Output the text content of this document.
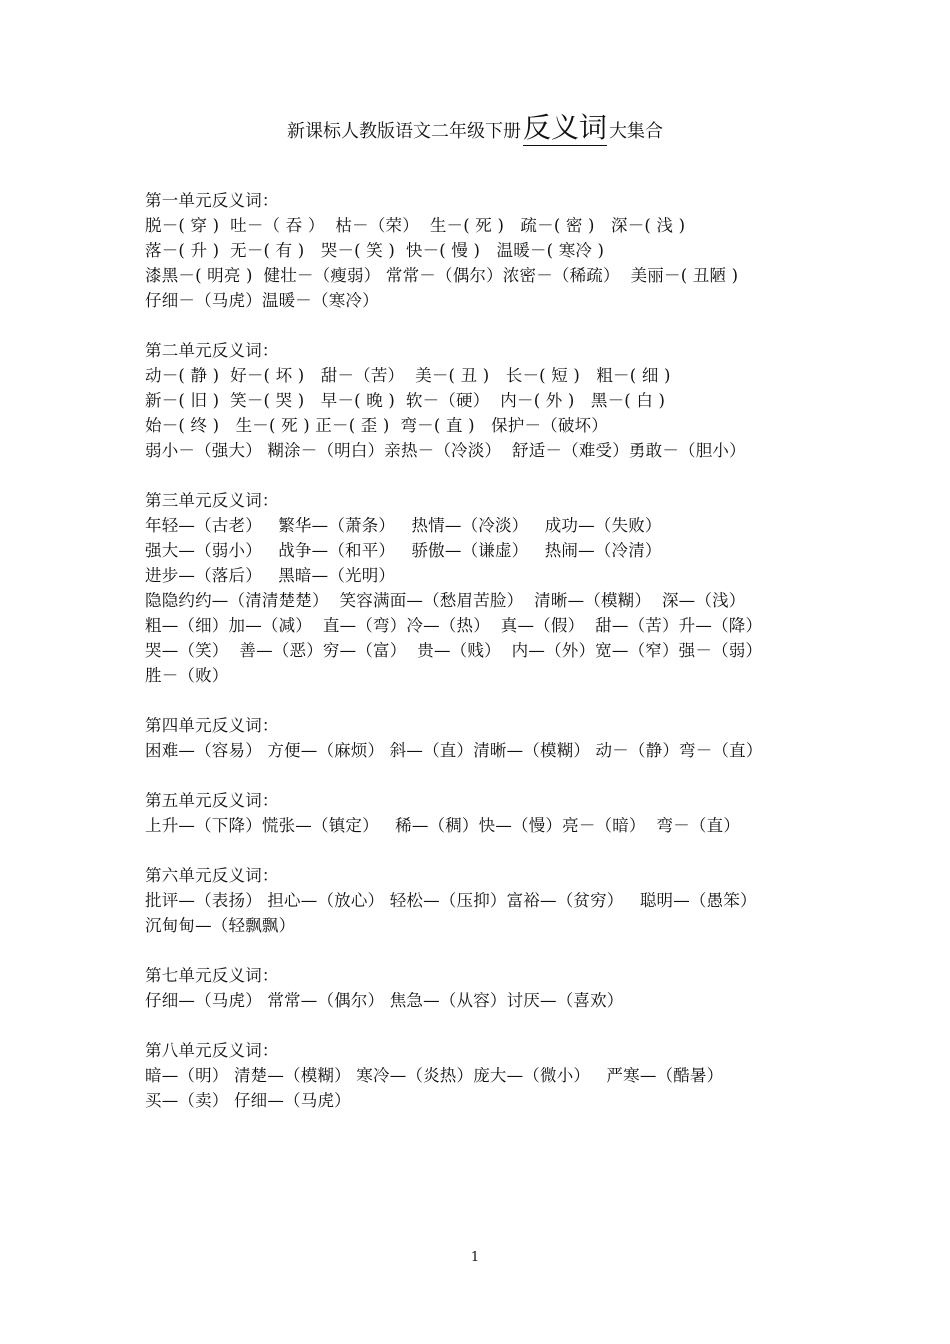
新课标人教版语文二年级下册反义词 大集合
第一单元反义词：
脱－( 穿 )  吐－（ 吞 ）  枯－（荣）  生－( 死 )   疏－( 密 )   深－( 浅 )
落－( 升 )  无－( 有 )   哭－( 笑 )  快－( 慢 )   温暖－( 寒冷 )
漆黑－( 明亮 )  健壮－（瘦弱） 常常－（偶尔）浓密－（稀疏）  美丽－( 丑陋 )
仔细－（马虎）温暖－（寒冷）
第二单元反义词：
动－( 静 )  好－( 坏 )   甜－（苦）  美－( 丑 )   长－( 短 )   粗－( 细 )
新－( 旧 )  笑－( 哭 )   早－( 晚 )  软－（硬）  内－( 外 )   黑－( 白 )
始－( 终 )   生－( 死 ) 正－( 歪 )  弯－( 直 )   保护－（破坏）
弱小－（强大） 糊涂－（明白）亲热－（冷淡）  舒适－（难受）勇敢－（胆小）
第三单元反义词：
年轻—（古老）   繁华—（萧条）   热情—（冷淡）   成功—（失败）
强大—（弱小）   战争—（和平）   骄傲—（谦虚）   热闹—（冷清）
进步—（落后）   黑暗—（光明）
隐隐约约—（清清楚楚）  笑容满面—（愁眉苦脸）  清晰—（模糊）  深—（浅）
粗—（细）加—（减）  直—（弯）冷—（热）  真—（假）  甜—（苦）升—（降）
哭—（笑）  善—（恶）穷—（富）  贵—（贱）  内—（外）宽—（窄）强－（弱）
胜－（败）
第四单元反义词：
困难—（容易） 方便—（麻烦） 斜—（直）清晰—（模糊） 动－（静）弯－（直）
第五单元反义词：
上升—（下降）慌张—（镇定）   稀—（稠）快—（慢）亮－（暗）  弯－（直）
第六单元反义词：
批评—（表扬） 担心—（放心） 轻松—（压抑）富裕—（贫穷）   聪明—（愚笨）
沉甸甸—（轻飘飘）
第七单元反义词：
仔细—（马虎） 常常—（偶尔） 焦急—（从容）讨厌—（喜欢）
第八单元反义词：
暗—（明） 清楚—（模糊） 寒冷—（炎热）庞大—（微小）   严寒—（酷暑）
买—（卖） 仔细—（马虎）
1
